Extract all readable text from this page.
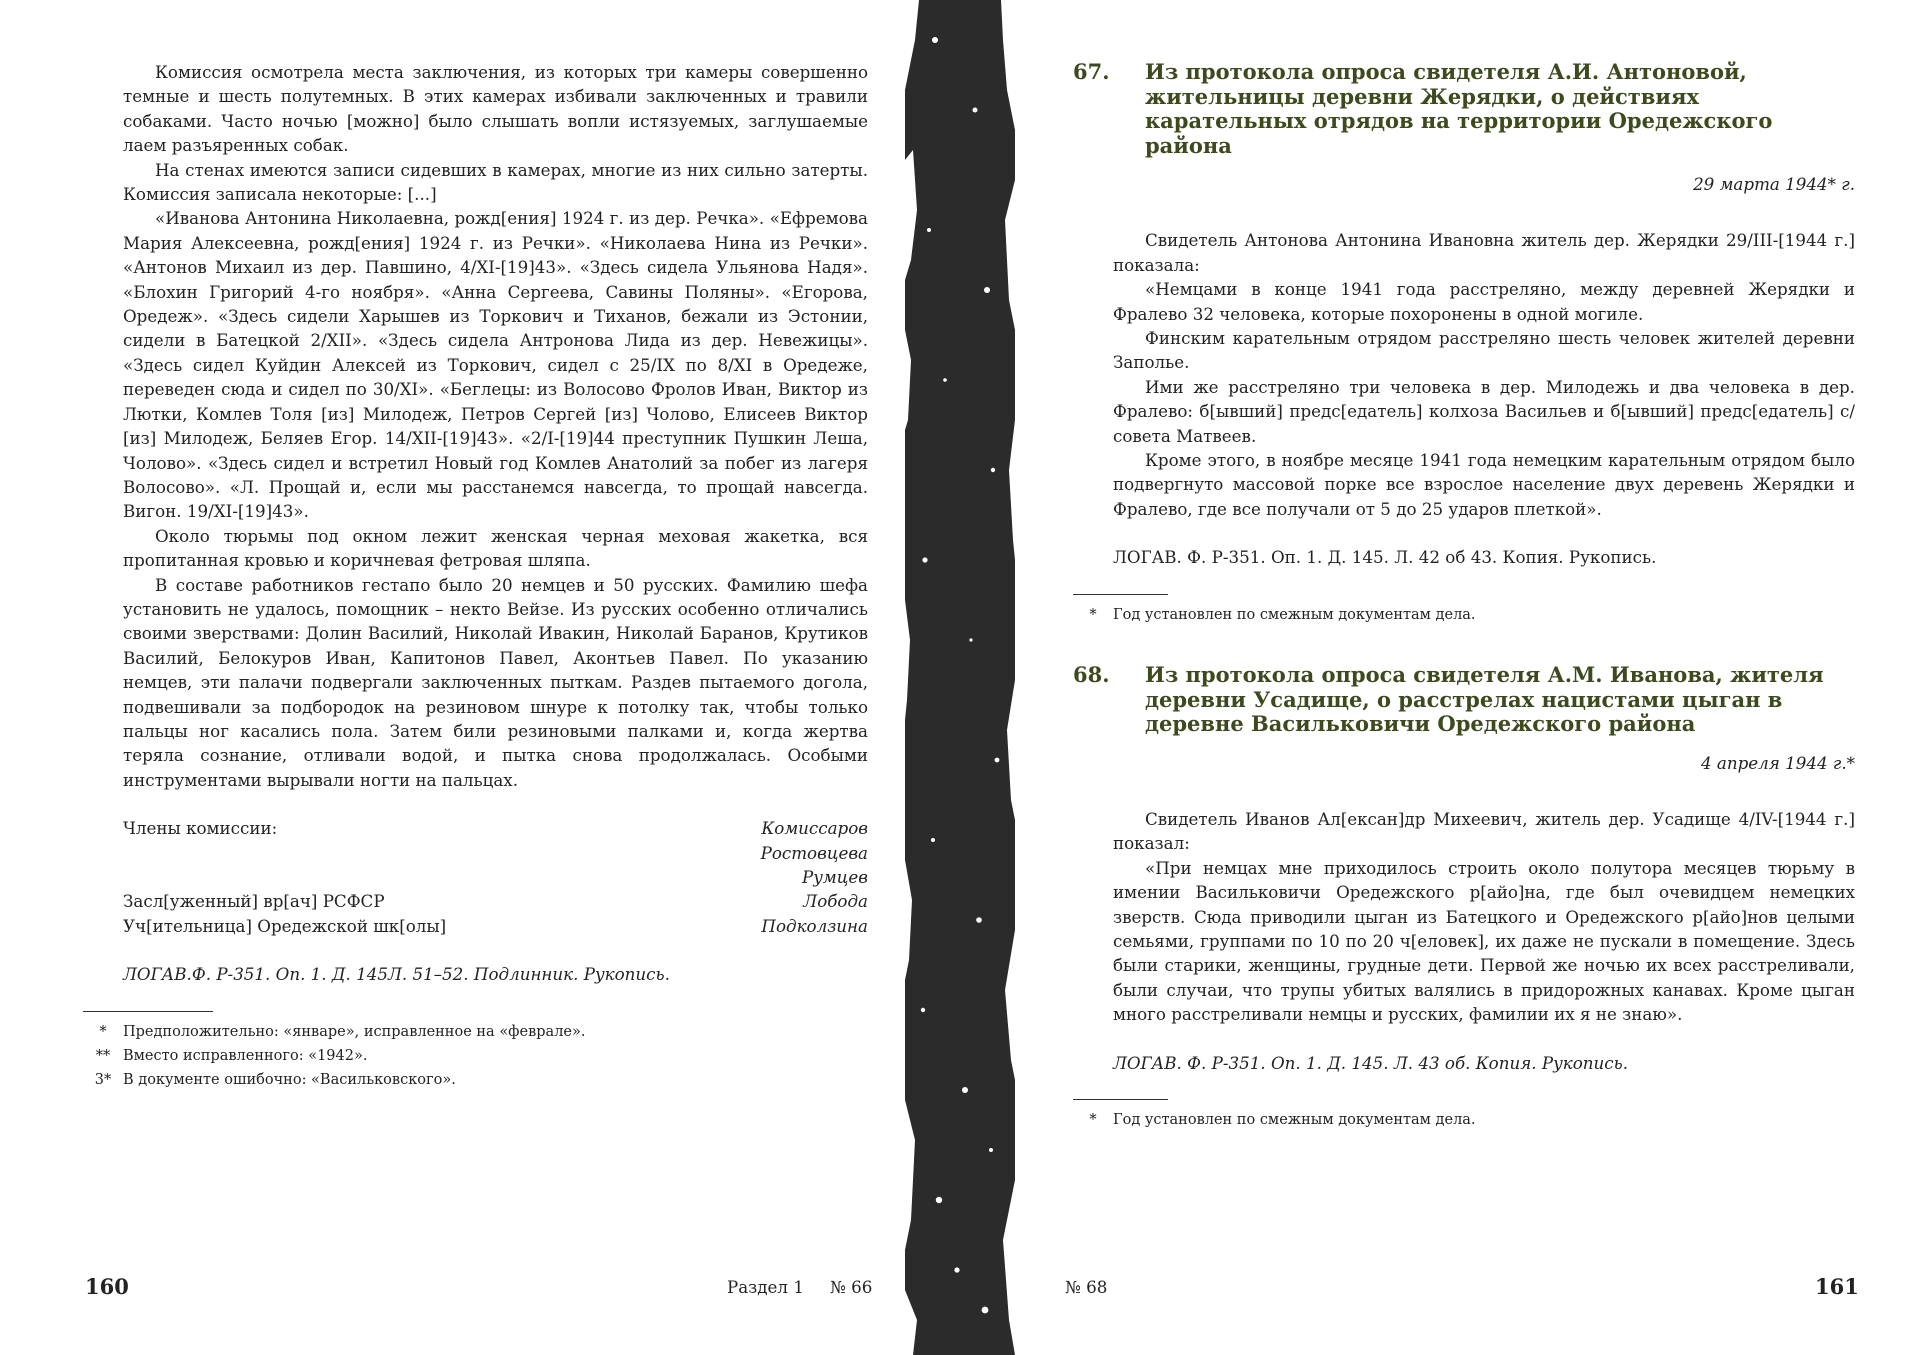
Комиссия осмотрела места заключения, из которых три камеры совершенно темные и шесть полутемных. В этих камерах избивали заключенных и травили собаками. Часто ночью [можно] было слышать вопли истязуемых, заглушаемые лаем разъяренных собак.

На стенах имеются записи сидевших в камерах, многие из них сильно затерты. Комиссия записала некоторые: [...]

«Иванова Антонина Николаевна, рожд[ения] 1924 г. из дер. Речка». «Ефремова Мария Алексеевна, рожд[ения] 1924 г. из Речки». «Николаева Нина из Речки». «Антонов Михаил из дер. Павшино, 4/XI-[19]43». «Здесь сидела Ульянова Надя». «Блохин Григорий 4-го ноября». «Анна Сергеева, Савины Поляны». «Егорова, Оредеж». «Здесь сидели Харышев из Торкович и Тиханов, бежали из Эстонии, сидели в Батецкой 2/XII». «Здесь сидела Антронова Лида из дер. Невежицы». «Здесь сидел Куйдин Алексей из Торкович, сидел с 25/IX по 8/XI в Оредеже, переведен сюда и сидел по 30/XI». «Беглецы: из Волосово Фролов Иван, Виктор из Лютки, Комлев Толя [из] Милодеж, Петров Сергей [из] Чолово, Елисеев Виктор [из] Милодеж, Беляев Егор. 14/XII-[19]43». «2/I-[19]44 преступник Пушкин Леша, Чолово». «Здесь сидел и встретил Новый год Комлев Анатолий за побег из лагеря Волосово». «Л. Прощай и, если мы расстанемся навсегда, то прощай навсегда. Вигон. 19/XI-[19]43».

Около тюрьмы под окном лежит женская черная меховая жакетка, вся пропитанная кровью и коричневая фетровая шляпа.

В составе работников гестапо было 20 немцев и 50 русских. Фамилию шефа установить не удалось, помощник – некто Вейзе. Из русских особенно отличались своими зверствами: Долин Василий, Николай Ивакин, Николай Баранов, Крутиков Василий, Белокуров Иван, Капитонов Павел, Аконтьев Павел. По указанию немцев, эти палачи подвергали заключенных пыткам. Раздев пытаемого догола, подвешивали за подбородок на резиновом шнуре к потолку так, чтобы только пальцы ног касались пола. Затем били резиновыми палками и, когда жертва теряла сознание, отливали водой, и пытка снова продолжалась. Особыми инструментами вырывали ногти на пальцах.

Члены комиссии:	Комиссаров
Ростовцева
Румцев
Засл[уженный] вр[ач] РСФСР	Лобода
Уч[ительница] Оредежской шк[олы]	Подколзина
ЛОГАВ.Ф. Р-351. Оп. 1. Д. 145Л. 51–52. Подлинник. Рукопись.
*	Предположительно: «январе», исправленное на «феврале».
** Вместо исправленного: «1942».
3* В документе ошибочно: «Васильковского».
160	Раздел 1 № 66
67.	Из протокола опроса свидетеля А.И. Антоновой, жительницы деревни Жерядки, о действиях карательных отрядов на территории Оредежского района
29 марта 1944* г.

Свидетель Антонова Антонина Ивановна житель дер. Жерядки 29/III-[1944 г.] показала:

«Немцами в конце 1941 года расстреляно, между деревней Жерядки и Фралево 32 человека, которые похоронены в одной могиле.

Финским карательным отрядом расстреляно шесть человек жителей деревни Заполье.

Ими же расстреляно три человека в дер. Милодежь и два человека в дер. Фралево: б[ывший] предс[едатель] колхоза Васильев и б[ывший] предс[едатель] с/совета Матвеев.

Кроме этого, в ноябре месяце 1941 года немецким карательным отрядом было подвергнуто массовой порке все взрослое население двух деревень Жерядки и Фралево, где все получали от 5 до 25 ударов плеткой».

ЛОГАВ. Ф. Р-351. Оп. 1. Д. 145. Л. 42 об 43. Копия. Рукопись.
*	Год установлен по смежным документам дела.
68.	Из протокола опроса свидетеля А.М. Иванова, жителя деревни Усадище, о расстрелах нацистами цыган в деревне Васильковичи Оредежского района
4 апреля 1944 г.*

Свидетель Иванов Ал[ексан]др Михеевич, житель дер. Усадище 4/IV-[1944 г.] показал:

«При немцах мне приходилось строить около полутора месяцев тюрьму в имении Васильковичи Оредежского р[айо]на, где был очевидцем немецких зверств. Сюда приводили цыган из Батецкого и Оредежского р[айо]нов целыми семьями, группами по 10 по 20 ч[еловек], их даже не пускали в помещение. Здесь были старики, женщины, грудные дети. Первой же ночью их всех расстреливали, были случаи, что трупы убитых валялись в придорожных канавах. Кроме цыган много расстреливали немцы и русских, фамилии их я не знаю».

ЛОГАВ. Ф. Р-351. Оп. 1. Д. 145. Л. 43 об. Копия. Рукопись.
*	Год установлен по смежным документам дела.
№ 68	161
